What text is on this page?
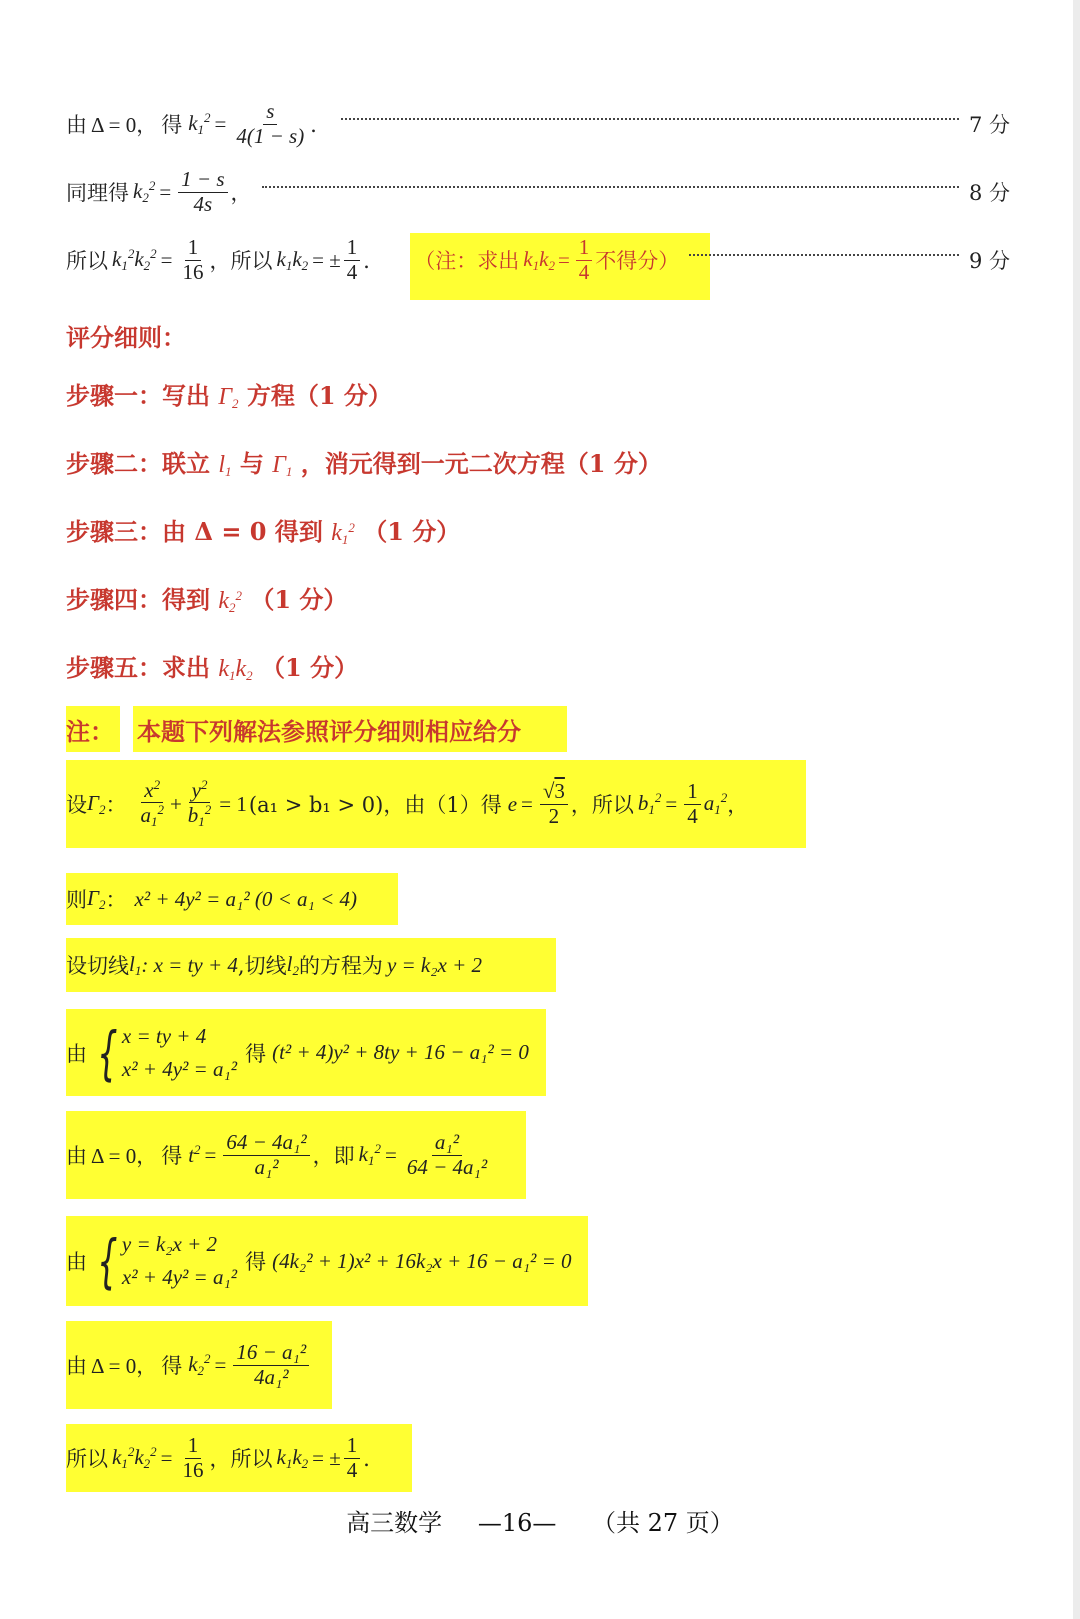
由 Δ = 0， 得 $k_1^2 = \frac{s}{4(1 - s)}$ ．	7 分
同理得 $k_2^2 = \frac{1 - s}{4s}$ ，	8 分
所以 $k_1^2k_2^2 = \frac{1}{16}$ ，所以 $k_1k_2$ = ± $\frac{1}{4}$ ． （注：求出 $k_1k_2 = \frac{1}{4}$ 不得分）	9 分
评分细则：
步骤一：写出 $\Gamma_2$ 方程（1 分）
步骤二：联立 $l_1$ 与 $\Gamma_1$ ，消元得到一元二次方程（1 分）
步骤三：由 Δ = 0 得到 $k_1^2$ （1 分）
步骤四：得到 $k_2^2$ （1 分）
步骤五：求出 $k_1k_2$ （1 分）
注： 本题下列解法参照评分细则相应给分
设 $\Gamma_2$ ： $\frac{x^2}{a_1^2} + \frac{y^2}{b_1^2} = 1$ (a₁ > b₁ > 0)，由（1）得 $e = \frac{√3}{2}$ ，所以 $b_1^2 = \frac{1}{4} a_1^2$ ，
则 $\Gamma_2$ ： x² + 4y² = a₁² (0 < a₁ < 4)
设切线 $l_1$ : x = ty + 4 ,切线 $l_2$ 的方程为 y = k₂x + 2
由 { x = ty + 4
x² + 4y² = a₁²
得 (t² + 4)y² + 8ty + 16 − a₁² = 0
由 Δ = 0， 得 $t^2 = \frac{\text{64 − 4a₁²}}{\text{a₁²}}$ ，即 $k_1^2 = \frac{\text{a₁²}}{\text{64 − 4a₁²}}$
由 { y = k₂x + 2
x² + 4y² = a₁²
得 (4k₂² + 1)x² + 16k₂x + 16 − a₁² = 0
由 Δ = 0， 得 $k_2^2 = \frac{\text{16 − a₁²}}{\text{4a₁²}}$
所以 $k_1^2k_2^2 = \frac{1}{16}$ ，所以 $k_1k_2$ = ± $\frac{1}{4}$ ．
高三数学 —16— （共 27 页）
